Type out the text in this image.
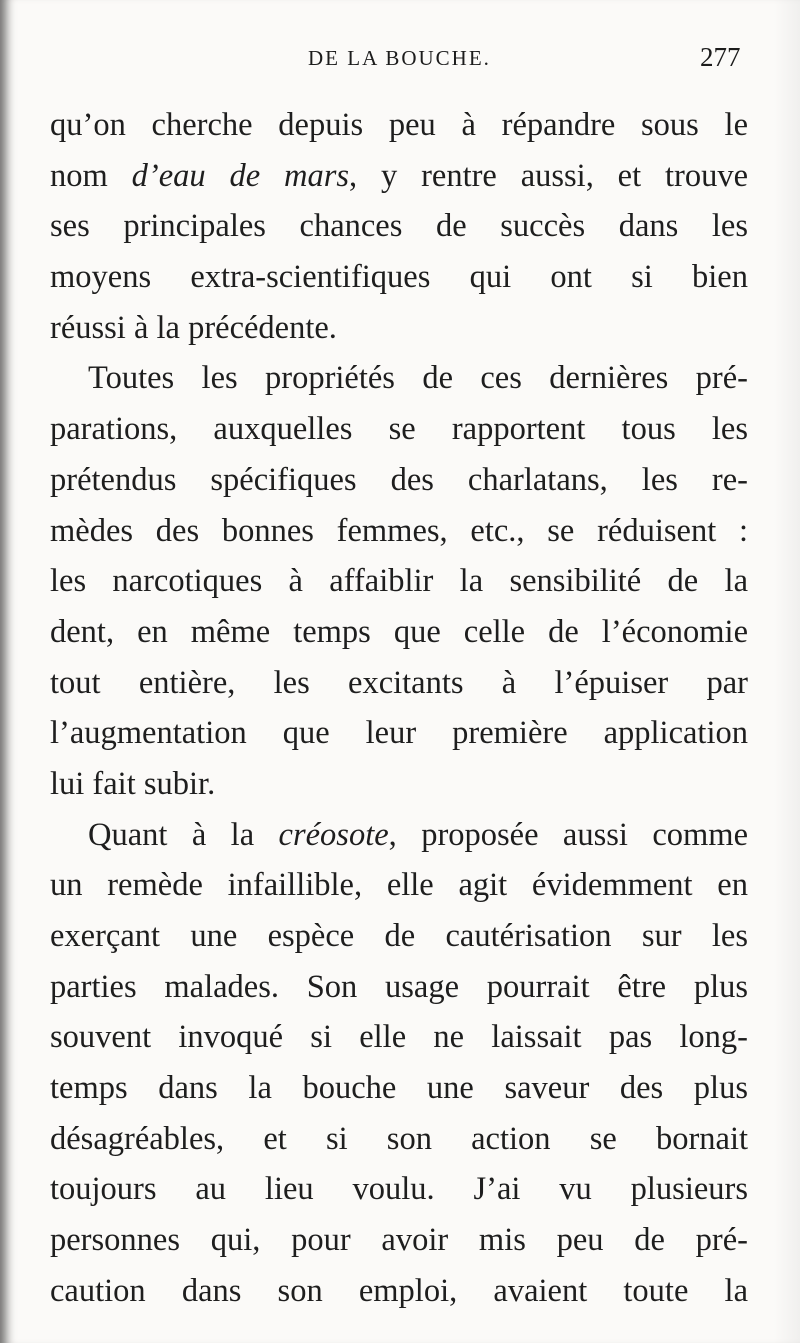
DE LA BOUCHE.	277
qu’on cherche depuis peu à répandre sous le
nom d’eau de mars, y rentre aussi, et trouve
ses principales chances de succès dans les
moyens extra-scientifiques qui ont si bien
réussi à la précédente.
Toutes les propriétés de ces dernières pré-
parations, auxquelles se rapportent tous les
prétendus spécifiques des charlatans, les re-
mèdes des bonnes femmes, etc., se réduisent :
les narcotiques à affaiblir la sensibilité de la
dent, en même temps que celle de l’économie
tout entière, les excitants à l’épuiser par
l’augmentation que leur première application
lui fait subir.
Quant à la créosote, proposée aussi comme
un remède infaillible, elle agit évidemment en
exerçant une espèce de cautérisation sur les
parties malades. Son usage pourrait être plus
souvent invoqué si elle ne laissait pas long-
temps dans la bouche une saveur des plus
désagréables, et si son action se bornait
toujours au lieu voulu. J’ai vu plusieurs
personnes qui, pour avoir mis peu de pré-
caution dans son emploi, avaient toute la
